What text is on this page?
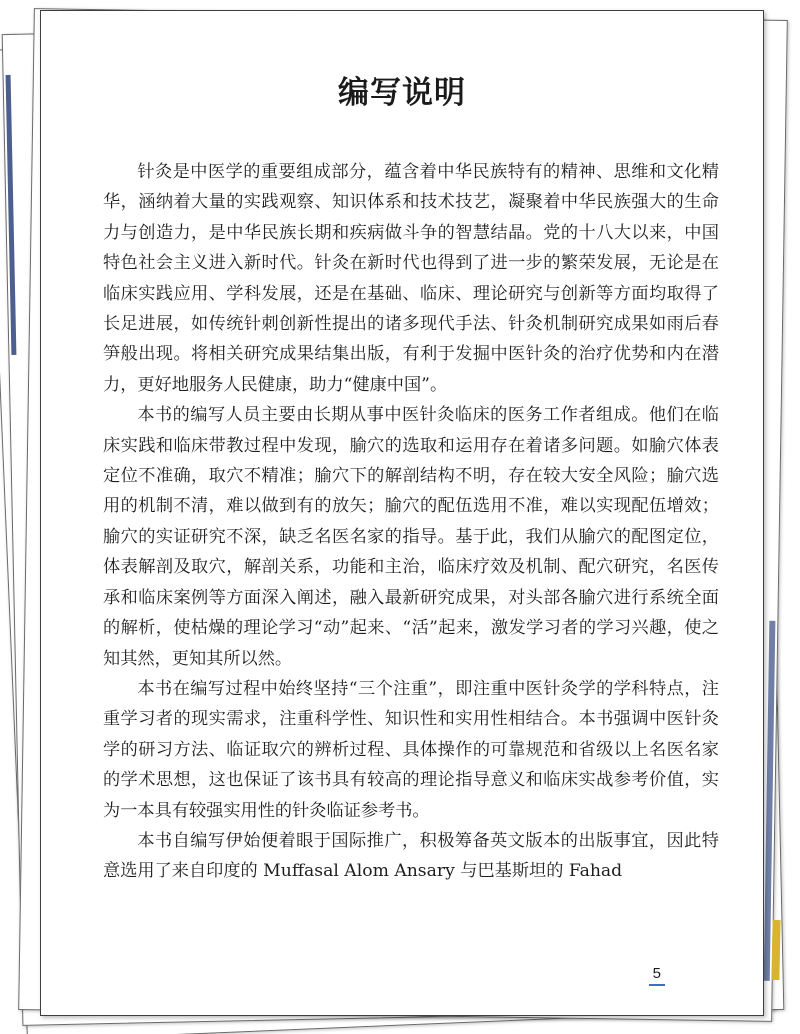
编写说明

针灸是中医学的重要组成部分，蕴含着中华民族特有的精神、思维和文化精华，涵纳着大量的实践观察、知识体系和技术技艺，凝聚着中华民族强大的生命力与创造力，是中华民族长期和疾病做斗争的智慧结晶。党的十八大以来，中国特色社会主义进入新时代。针灸在新时代也得到了进一步的繁荣发展，无论是在临床实践应用、学科发展，还是在基础、临床、理论研究与创新等方面均取得了长足进展，如传统针刺创新性提出的诸多现代手法、针灸机制研究成果如雨后春笋般出现。将相关研究成果结集出版，有利于发掘中医针灸的治疗优势和内在潜力，更好地服务人民健康，助力“健康中国”。

本书的编写人员主要由长期从事中医针灸临床的医务工作者组成。他们在临床实践和临床带教过程中发现，腧穴的选取和运用存在着诸多问题。如腧穴体表定位不准确，取穴不精准；腧穴下的解剖结构不明，存在较大安全风险；腧穴选用的机制不清，难以做到有的放矢；腧穴的配伍选用不准，难以实现配伍增效；腧穴的实证研究不深，缺乏名医名家的指导。基于此，我们从腧穴的配图定位，体表解剖及取穴，解剖关系，功能和主治，临床疗效及机制、配穴研究，名医传承和临床案例等方面深入阐述，融入最新研究成果，对头部各腧穴进行系统全面的解析，使枯燥的理论学习“动”起来、“活”起来，激发学习者的学习兴趣，使之知其然，更知其所以然。

本书在编写过程中始终坚持“三个注重”，即注重中医针灸学的学科特点，注重学习者的现实需求，注重科学性、知识性和实用性相结合。本书强调中医针灸学的研习方法、临证取穴的辨析过程、具体操作的可靠规范和省级以上名医名家的学术思想，这也保证了该书具有较高的理论指导意义和临床实战参考价值，实为一本具有较强实用性的针灸临证参考书。

本书自编写伊始便着眼于国际推广，积极筹备英文版本的出版事宜，因此特意选用了来自印度的 Muffasal Alom Ansary 与巴基斯坦的 Fahad

5
